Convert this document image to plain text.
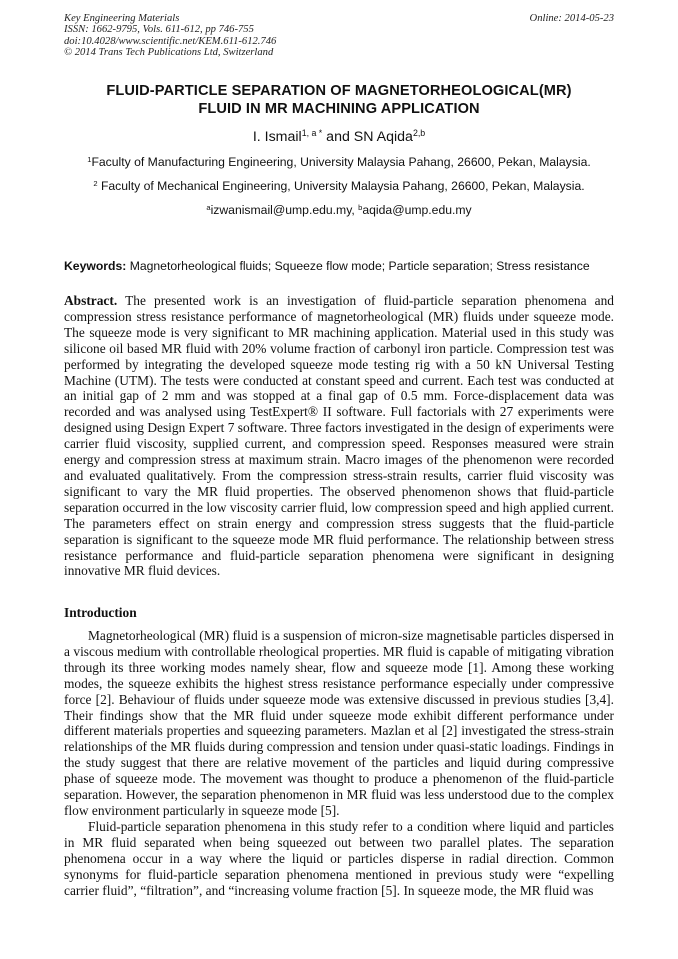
Key Engineering Materials
ISSN: 1662-9795, Vols. 611-612, pp 746-755
doi:10.4028/www.scientific.net/KEM.611-612.746
© 2014 Trans Tech Publications Ltd, Switzerland
Online: 2014-05-23
FLUID-PARTICLE SEPARATION OF MAGNETORHEOLOGICAL(MR)
FLUID IN MR MACHINING APPLICATION
I. Ismail$^{1, a *}$ and SN Aqida$^{2,b}$
$^1$Faculty of Manufacturing Engineering, University Malaysia Pahang, 26600, Pekan, Malaysia.
$^2$ Faculty of Mechanical Engineering, University Malaysia Pahang, 26600, Pekan, Malaysia.
$^a$izwanismail@ump.edu.my, $^b$aqida@ump.edu.my
Keywords: Magnetorheological fluids; Squeeze flow mode; Particle separation; Stress resistance
Abstract. The presented work is an investigation of fluid-particle separation phenomena and compression stress resistance performance of magnetorheological (MR) fluids under squeeze mode. The squeeze mode is very significant to MR machining application. Material used in this study was silicone oil based MR fluid with 20% volume fraction of carbonyl iron particle. Compression test was performed by integrating the developed squeeze mode testing rig with a 50 kN Universal Testing Machine (UTM). The tests were conducted at constant speed and current. Each test was conducted at an initial gap of 2 mm and was stopped at a final gap of 0.5 mm. Force-displacement data was recorded and was analysed using TestExpert® II software. Full factorials with 27 experiments were designed using Design Expert 7 software. Three factors investigated in the design of experiments were carrier fluid viscosity, supplied current, and compression speed. Responses measured were strain energy and compression stress at maximum strain. Macro images of the phenomenon were recorded and evaluated qualitatively. From the compression stress-strain results, carrier fluid viscosity was significant to vary the MR fluid properties. The observed phenomenon shows that fluid-particle separation occurred in the low viscosity carrier fluid, low compression speed and high applied current. The parameters effect on strain energy and compression stress suggests that the fluid-particle separation is significant to the squeeze mode MR fluid performance. The relationship between stress resistance performance and fluid-particle separation phenomena were significant in designing innovative MR fluid devices.
Introduction

Magnetorheological (MR) fluid is a suspension of micron-size magnetisable particles dispersed in a viscous medium with controllable rheological properties. MR fluid is capable of mitigating vibration through its three working modes namely shear, flow and squeeze mode [1]. Among these working modes, the squeeze exhibits the highest stress resistance performance especially under compressive force [2]. Behaviour of fluids under squeeze mode was extensive discussed in previous studies [3,4]. Their findings show that the MR fluid under squeeze mode exhibit different performance under different materials properties and squeezing parameters. Mazlan et al [2] investigated the stress-strain relationships of the MR fluids during compression and tension under quasi-static loadings. Findings in the study suggest that there are relative movement of the particles and liquid during compressive phase of squeeze mode. The movement was thought to produce a phenomenon of the fluid-particle separation. However, the separation phenomenon in MR fluid was less understood due to the complex flow environment particularly in squeeze mode [5].

Fluid-particle separation phenomena in this study refer to a condition where liquid and particles in MR fluid separated when being squeezed out between two parallel plates. The separation phenomena occur in a way where the liquid or particles disperse in radial direction. Common synonyms for fluid-particle separation phenomena mentioned in previous study were “expelling carrier fluid”, “filtration”, and “increasing volume fraction [5]. In squeeze mode, the MR fluid was
